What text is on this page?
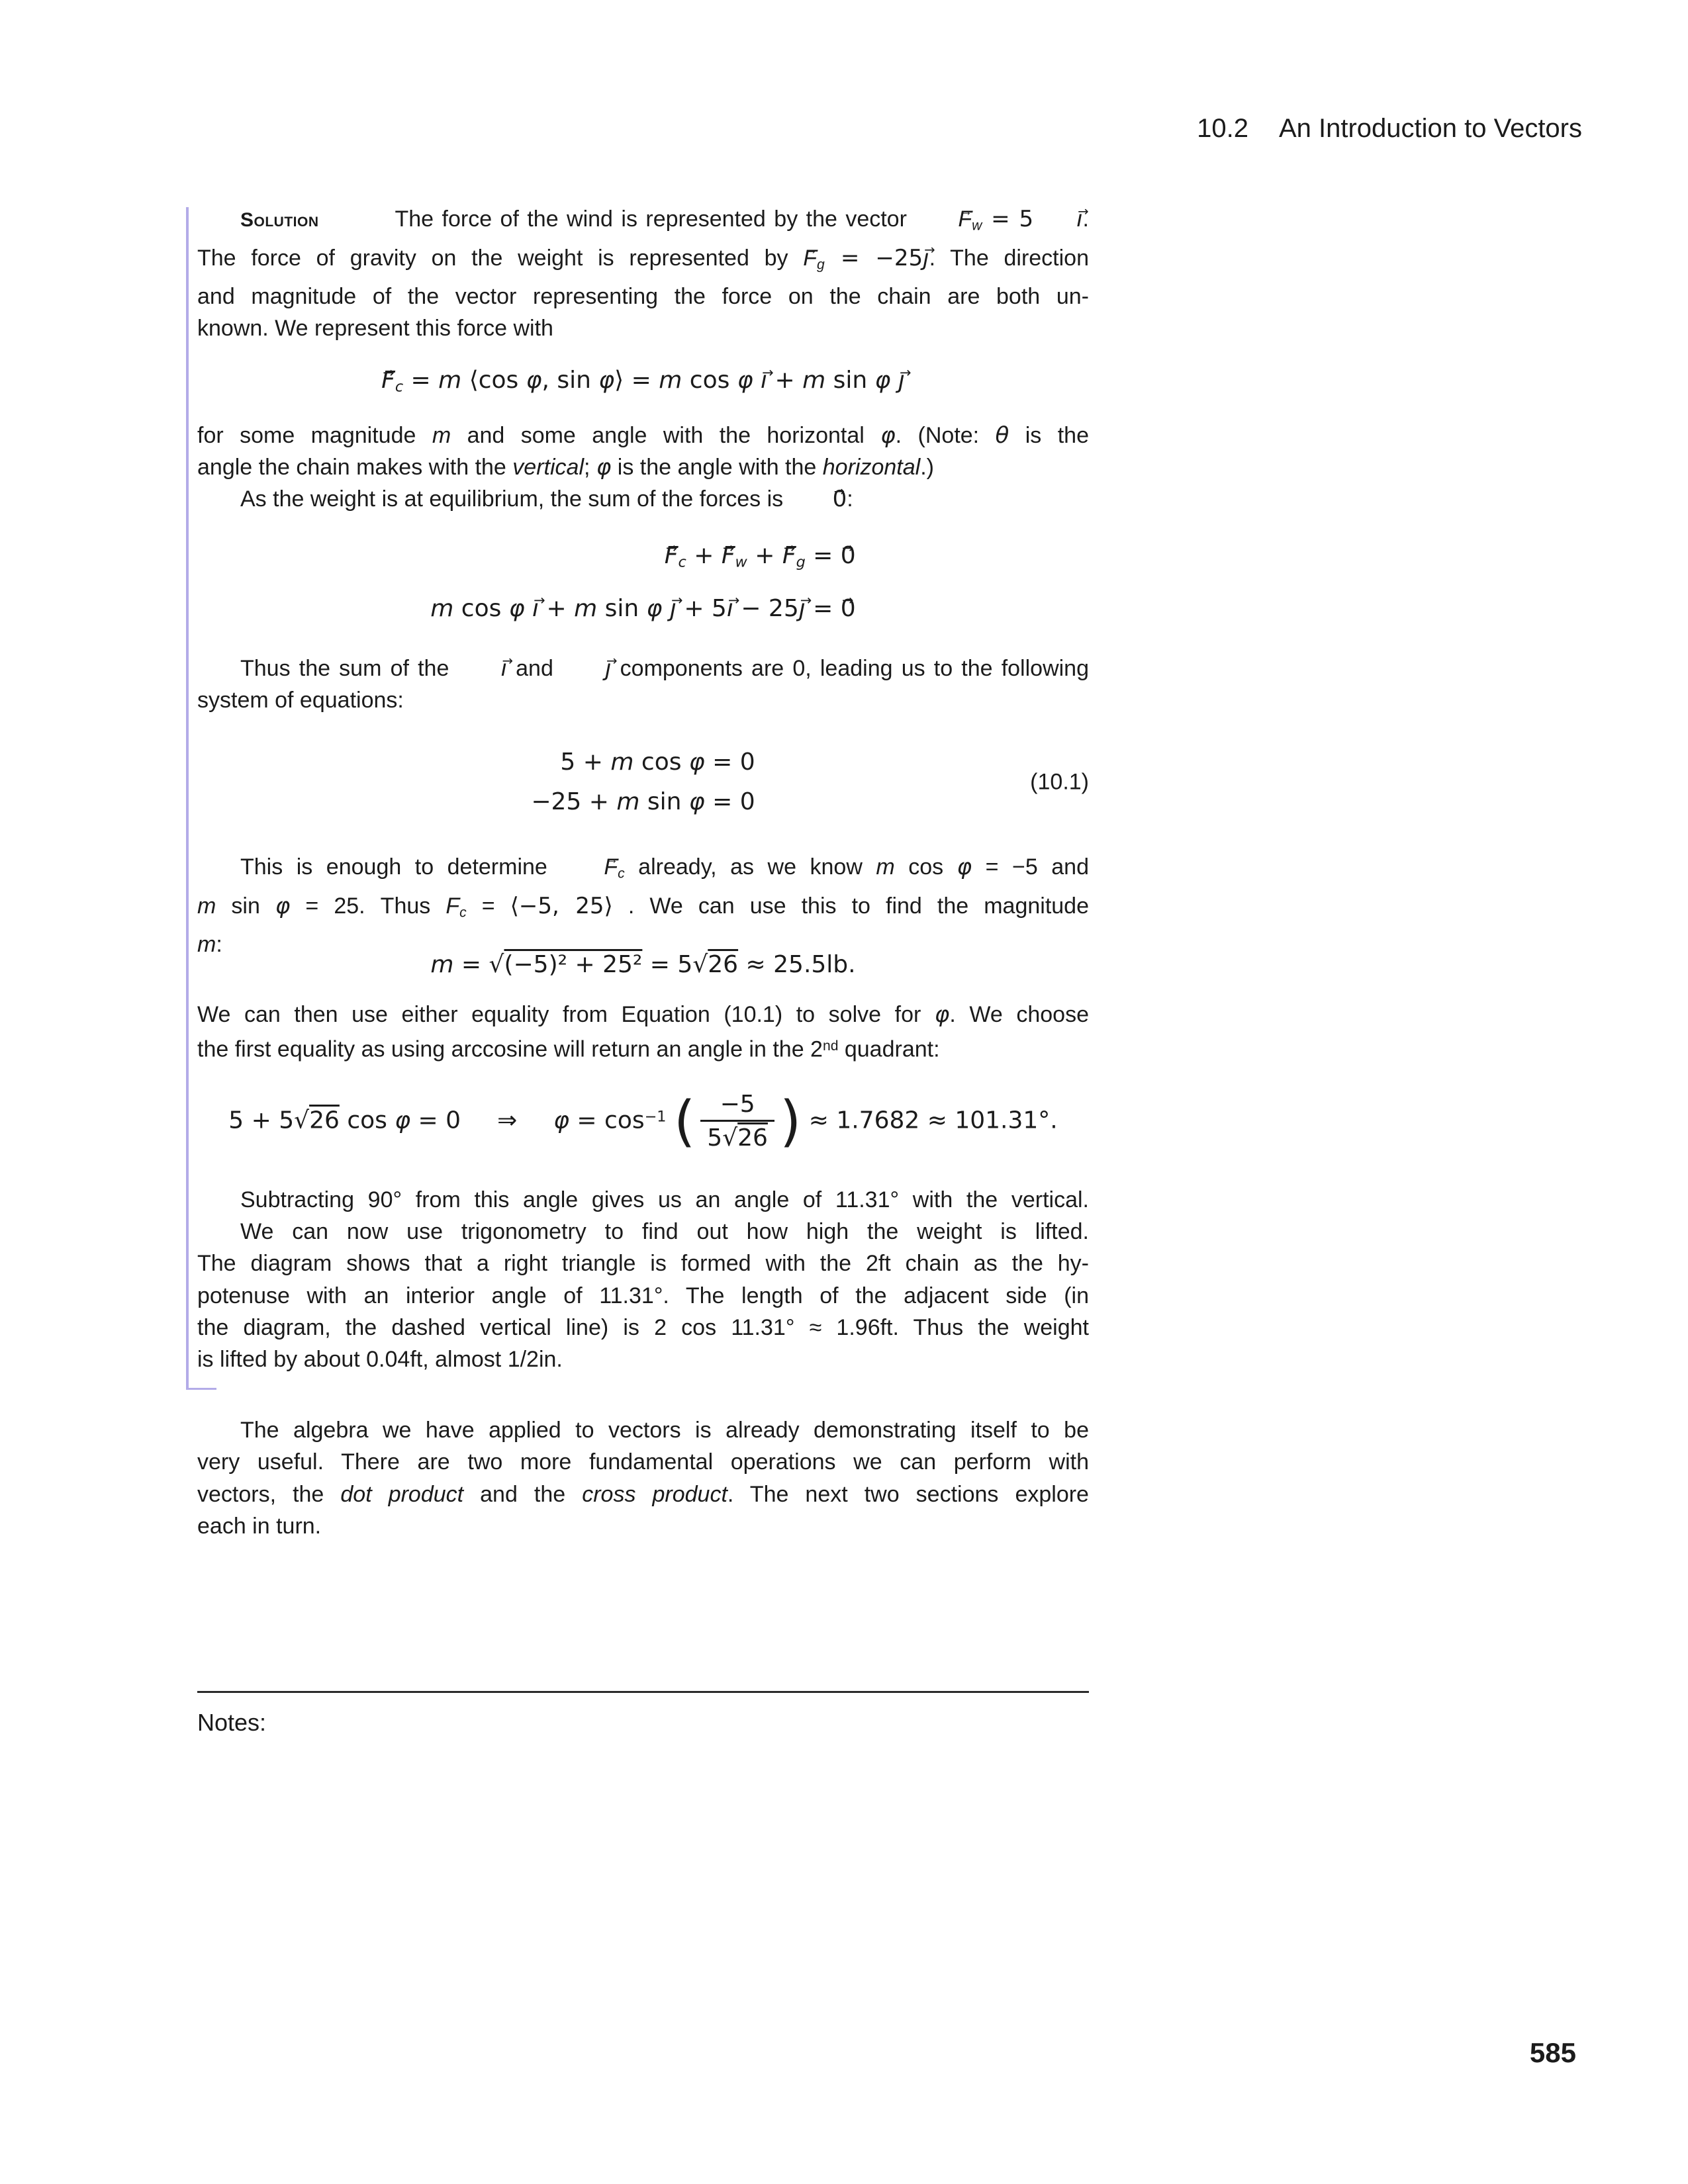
10.2 An Introduction to Vectors
Solution	The force of the wind is represented by the vector $F \to_w = 5$ ı →.
The force of gravity on the weight is represented by $F \to_g$ = −25ȷ →. The direction
and magnitude of the vector representing the force on the chain are both un-
known. We represent this force with
$F \to_c = m$ ⟨cos φ, sin φ⟩ = m cos φ ı → + m sin φ ȷ →
for some magnitude m and some angle with the horizontal φ. (Note: θ is the
angle the chain makes with the vertical; φ is the angle with the horizontal.)
As the weight is at equilibrium, the sum of the forces is 0 →:
$F \to_c + F \to_w + F \to_g = 0$ →
m cos φ ı → + m sin φ ȷ → + 5ı → − 25ȷ → = 0 →
Thus the sum of the ı → and ȷ → components are 0, leading us to the following
system of equations:
5 + m cos φ = 0
−25 + m sin φ = 0
(10.1)
This is enough to determine $F \to_c$ already, as we know m cos φ = −5 and
m sin φ = 25. Thus $F_c$ = ⟨−5, 25⟩ . We can use this to find the magnitude
m:
m = √(−5)² + 25² = 5√26 ≈ 25.5lb.
We can then use either equality from Equation (10.1) to solve for φ. We choose
the first equality as using arccosine will return an angle in the 2nd quadrant:
5 + 5√26 cos φ = 0 ⇒ $\varphi = \cos^{-1}$ ( $\frac{-5}{5√26}$ ) ≈ 1.7682 ≈ 101.31°.
Subtracting 90° from this angle gives us an angle of 11.31° with the vertical.
We can now use trigonometry to find out how high the weight is lifted.
The diagram shows that a right triangle is formed with the 2ft chain as the hy-
potenuse with an interior angle of 11.31°. The length of the adjacent side (in
the diagram, the dashed vertical line) is 2 cos 11.31° ≈ 1.96ft. Thus the weight
is lifted by about 0.04ft, almost 1/2in.
The algebra we have applied to vectors is already demonstrating itself to be
very useful. There are two more fundamental operations we can perform with
vectors, the dot product and the cross product. The next two sections explore
each in turn.
Notes:
585
